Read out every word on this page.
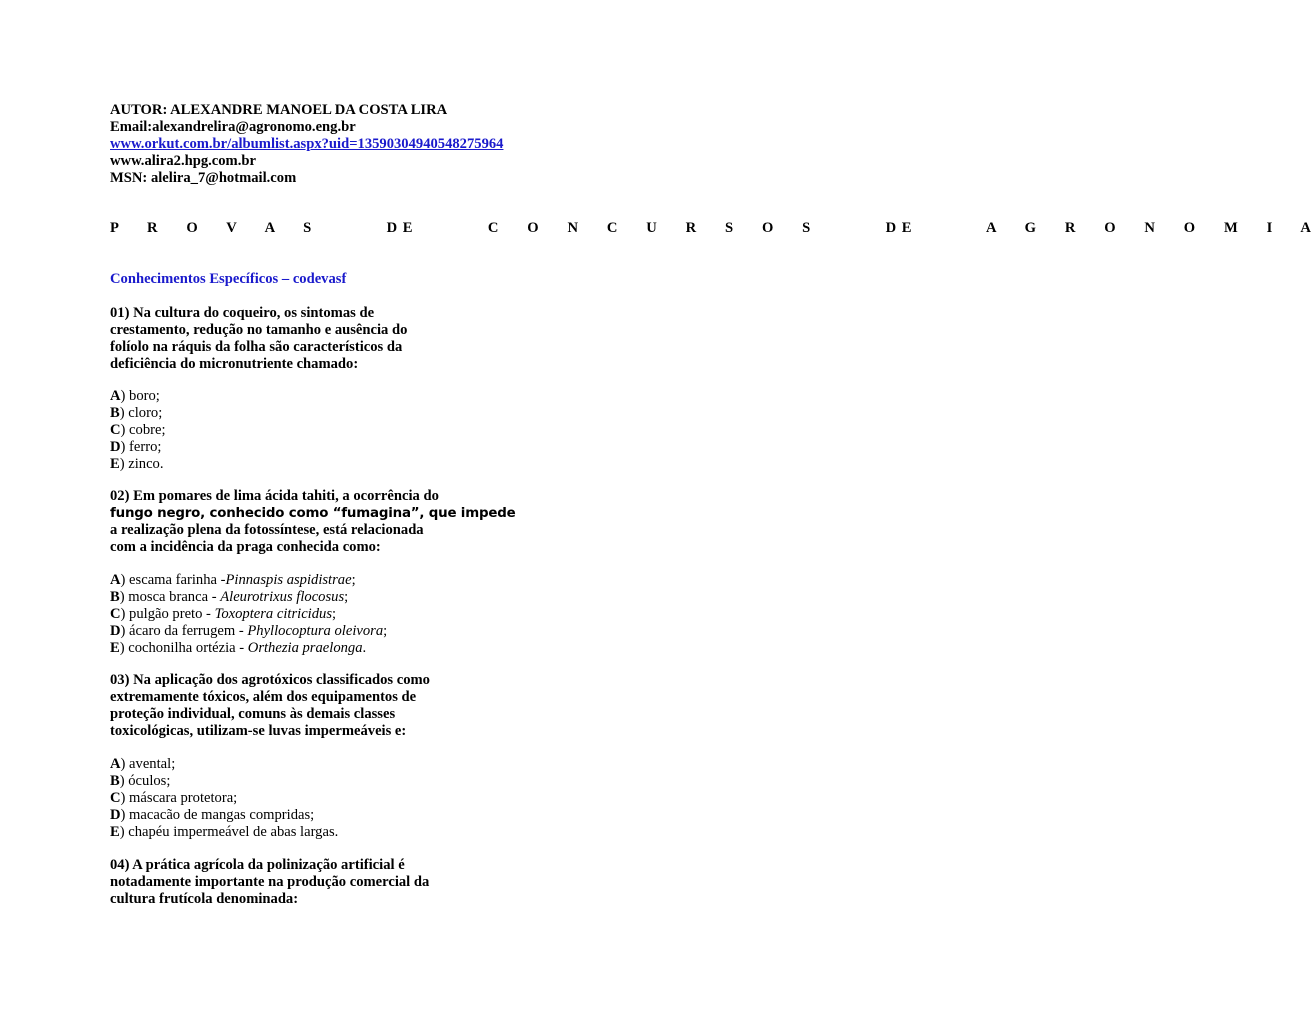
AUTOR: ALEXANDRE MANOEL DA COSTA LIRA
Email:alexandrelira@agronomo.eng.br
www.orkut.com.br/albumlist.aspx?uid=13590304940548275964
www.alira2.hpg.com.br
MSN: alelira_7@hotmail.com
P R O V A S   DE   C O N C U R S O S   DE   A G R O N O M I A
Conhecimentos Específicos – codevasf
01) Na cultura do coqueiro, os sintomas de
crestamento, redução no tamanho e ausência do
folíolo na ráquis da folha são característicos da
deficiência do micronutriente chamado:
A) boro;
B) cloro;
C) cobre;
D) ferro;
E) zinco.
02) Em pomares de lima ácida tahiti, a ocorrência do
fungo negro, conhecido como “fumagina”, que impede
a realização plena da fotossíntese, está relacionada
com a incidência da praga conhecida como:
A) escama farinha -Pinnaspis aspidistrae;
B) mosca branca - Aleurotrixus flocosus;
C) pulgão preto - Toxoptera citricidus;
D) ácaro da ferrugem - Phyllocoptura oleivora;
E) cochonilha ortézia - Orthezia praelonga.
03) Na aplicação dos agrotóxicos classificados como
extremamente tóxicos, além dos equipamentos de
proteção individual, comuns às demais classes
toxicológicas, utilizam-se luvas impermeáveis e:
A) avental;
B) óculos;
C) máscara protetora;
D) macacão de mangas compridas;
E) chapéu impermeável de abas largas.
04) A prática agrícola da polinização artificial é
notadamente importante na produção comercial da
cultura frutícola denominada:
